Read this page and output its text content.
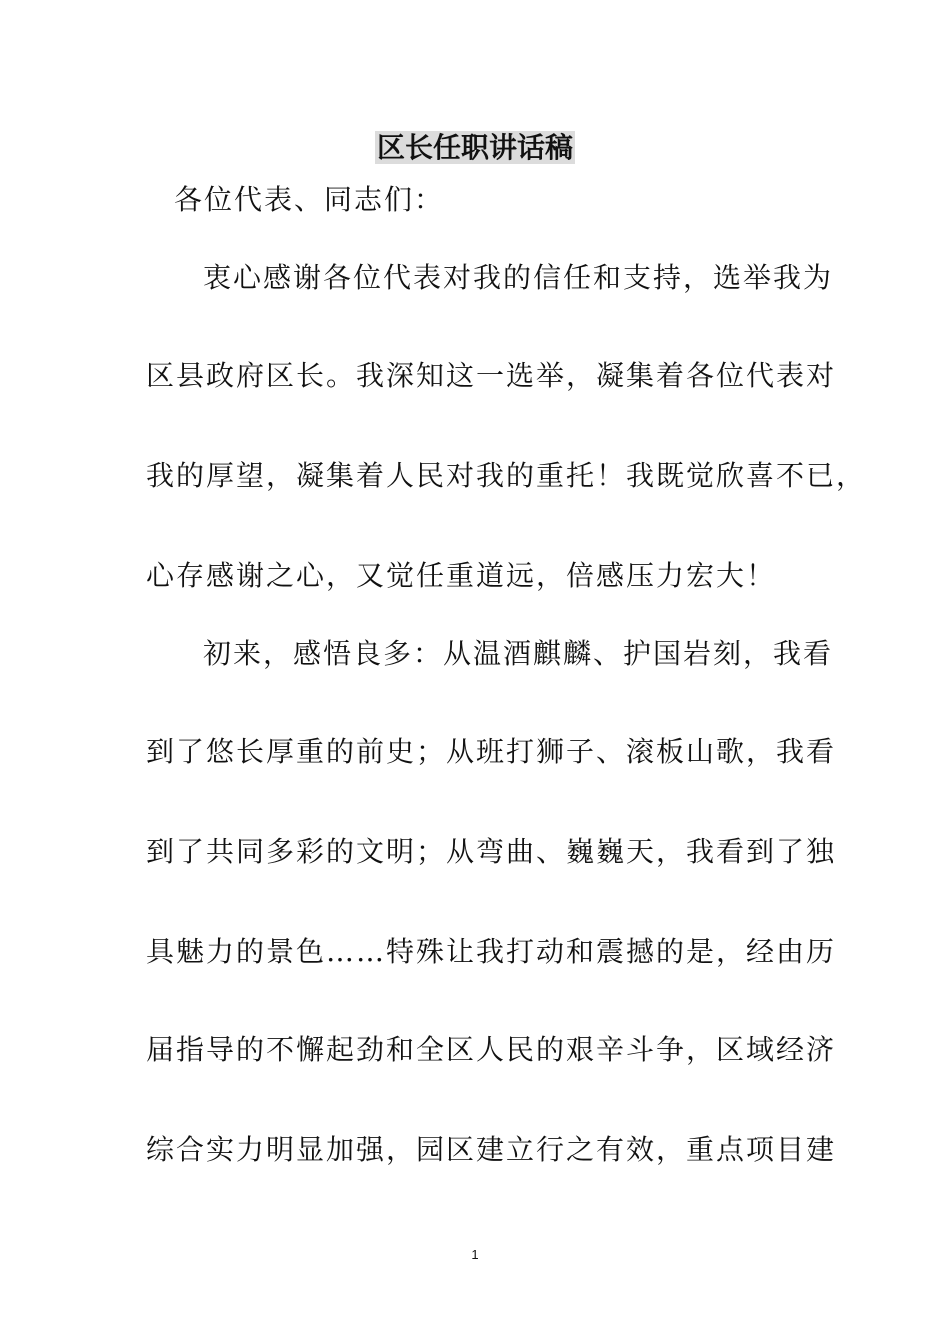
区长任职讲话稿
各位代表、同志们：
衷心感谢各位代表对我的信任和支持，选举我为
区县政府区长。我深知这一选举，凝集着各位代表对
我的厚望，凝集着人民对我的重托！我既觉欣喜不已，
心存感谢之心，又觉任重道远，倍感压力宏大！
初来，感悟良多：从温酒麒麟、护国岩刻，我看
到了悠长厚重的前史；从班打狮子、滚板山歌，我看
到了共同多彩的文明；从弯曲、巍巍天，我看到了独
具魅力的景色……特殊让我打动和震撼的是，经由历
届指导的不懈起劲和全区人民的艰辛斗争，区域经济
综合实力明显加强，园区建立行之有效，重点项目建
1
